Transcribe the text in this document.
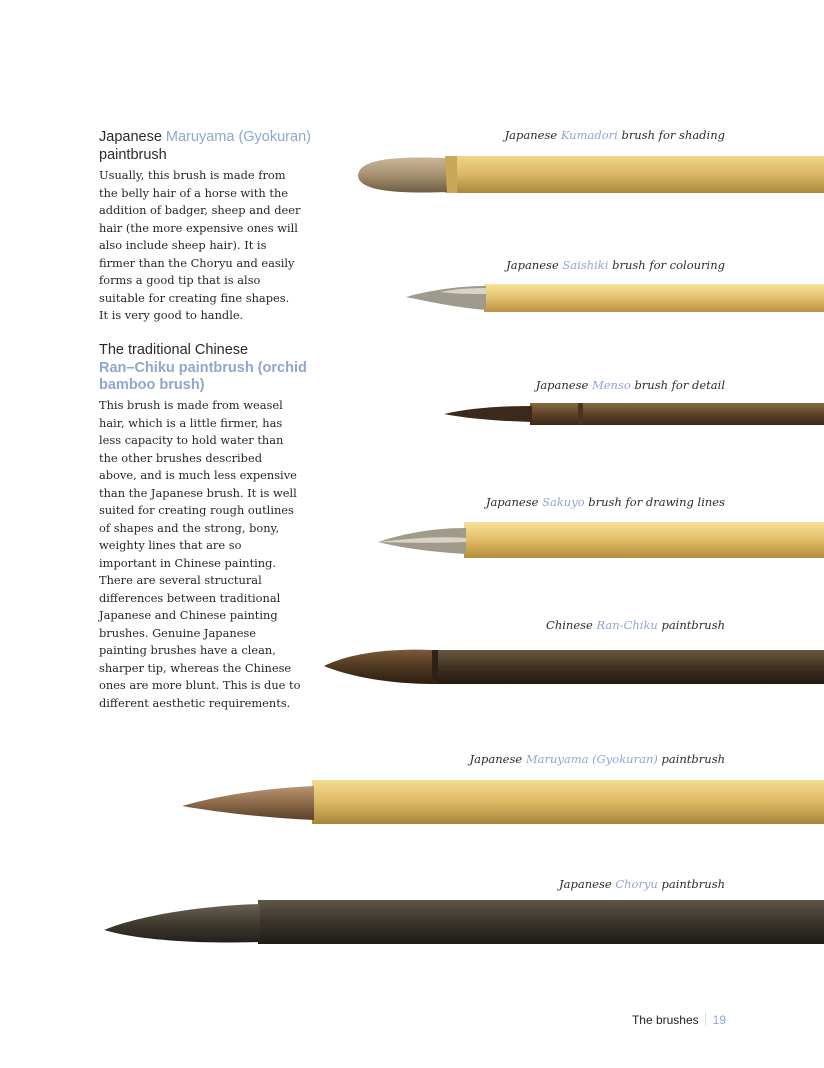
Japanese Maruyama (Gyokuran) paintbrush

Usually, this brush is made from the belly hair of a horse with the addition of badger, sheep and deer hair (the more expensive ones will also include sheep hair). It is firmer than the Choryu and easily forms a good tip that is also suitable for creating fine shapes. It is very good to handle.

The traditional Chinese
Ran–Chiku paintbrush (orchid bamboo brush)

This brush is made from weasel hair, which is a little firmer, has less capacity to hold water than the other brushes described above, and is much less expensive than the Japanese brush. It is well suited for creating rough outlines of shapes and the strong, bony, weighty lines that are so important in Chinese painting. There are several structural differences between traditional Japanese and Chinese painting brushes. Genuine Japanese painting brushes have a clean, sharper tip, whereas the Chinese ones are more blunt. This is due to different aesthetic requirements.

Japanese Kumadori brush for shading
Japanese Saishiki brush for colouring
Japanese Menso brush for detail
Japanese Sakuyo brush for drawing lines
Chinese Ran-Chiku paintbrush
Japanese Maruyama (Gyokuran) paintbrush
Japanese Choryu paintbrush
The brushes 19
